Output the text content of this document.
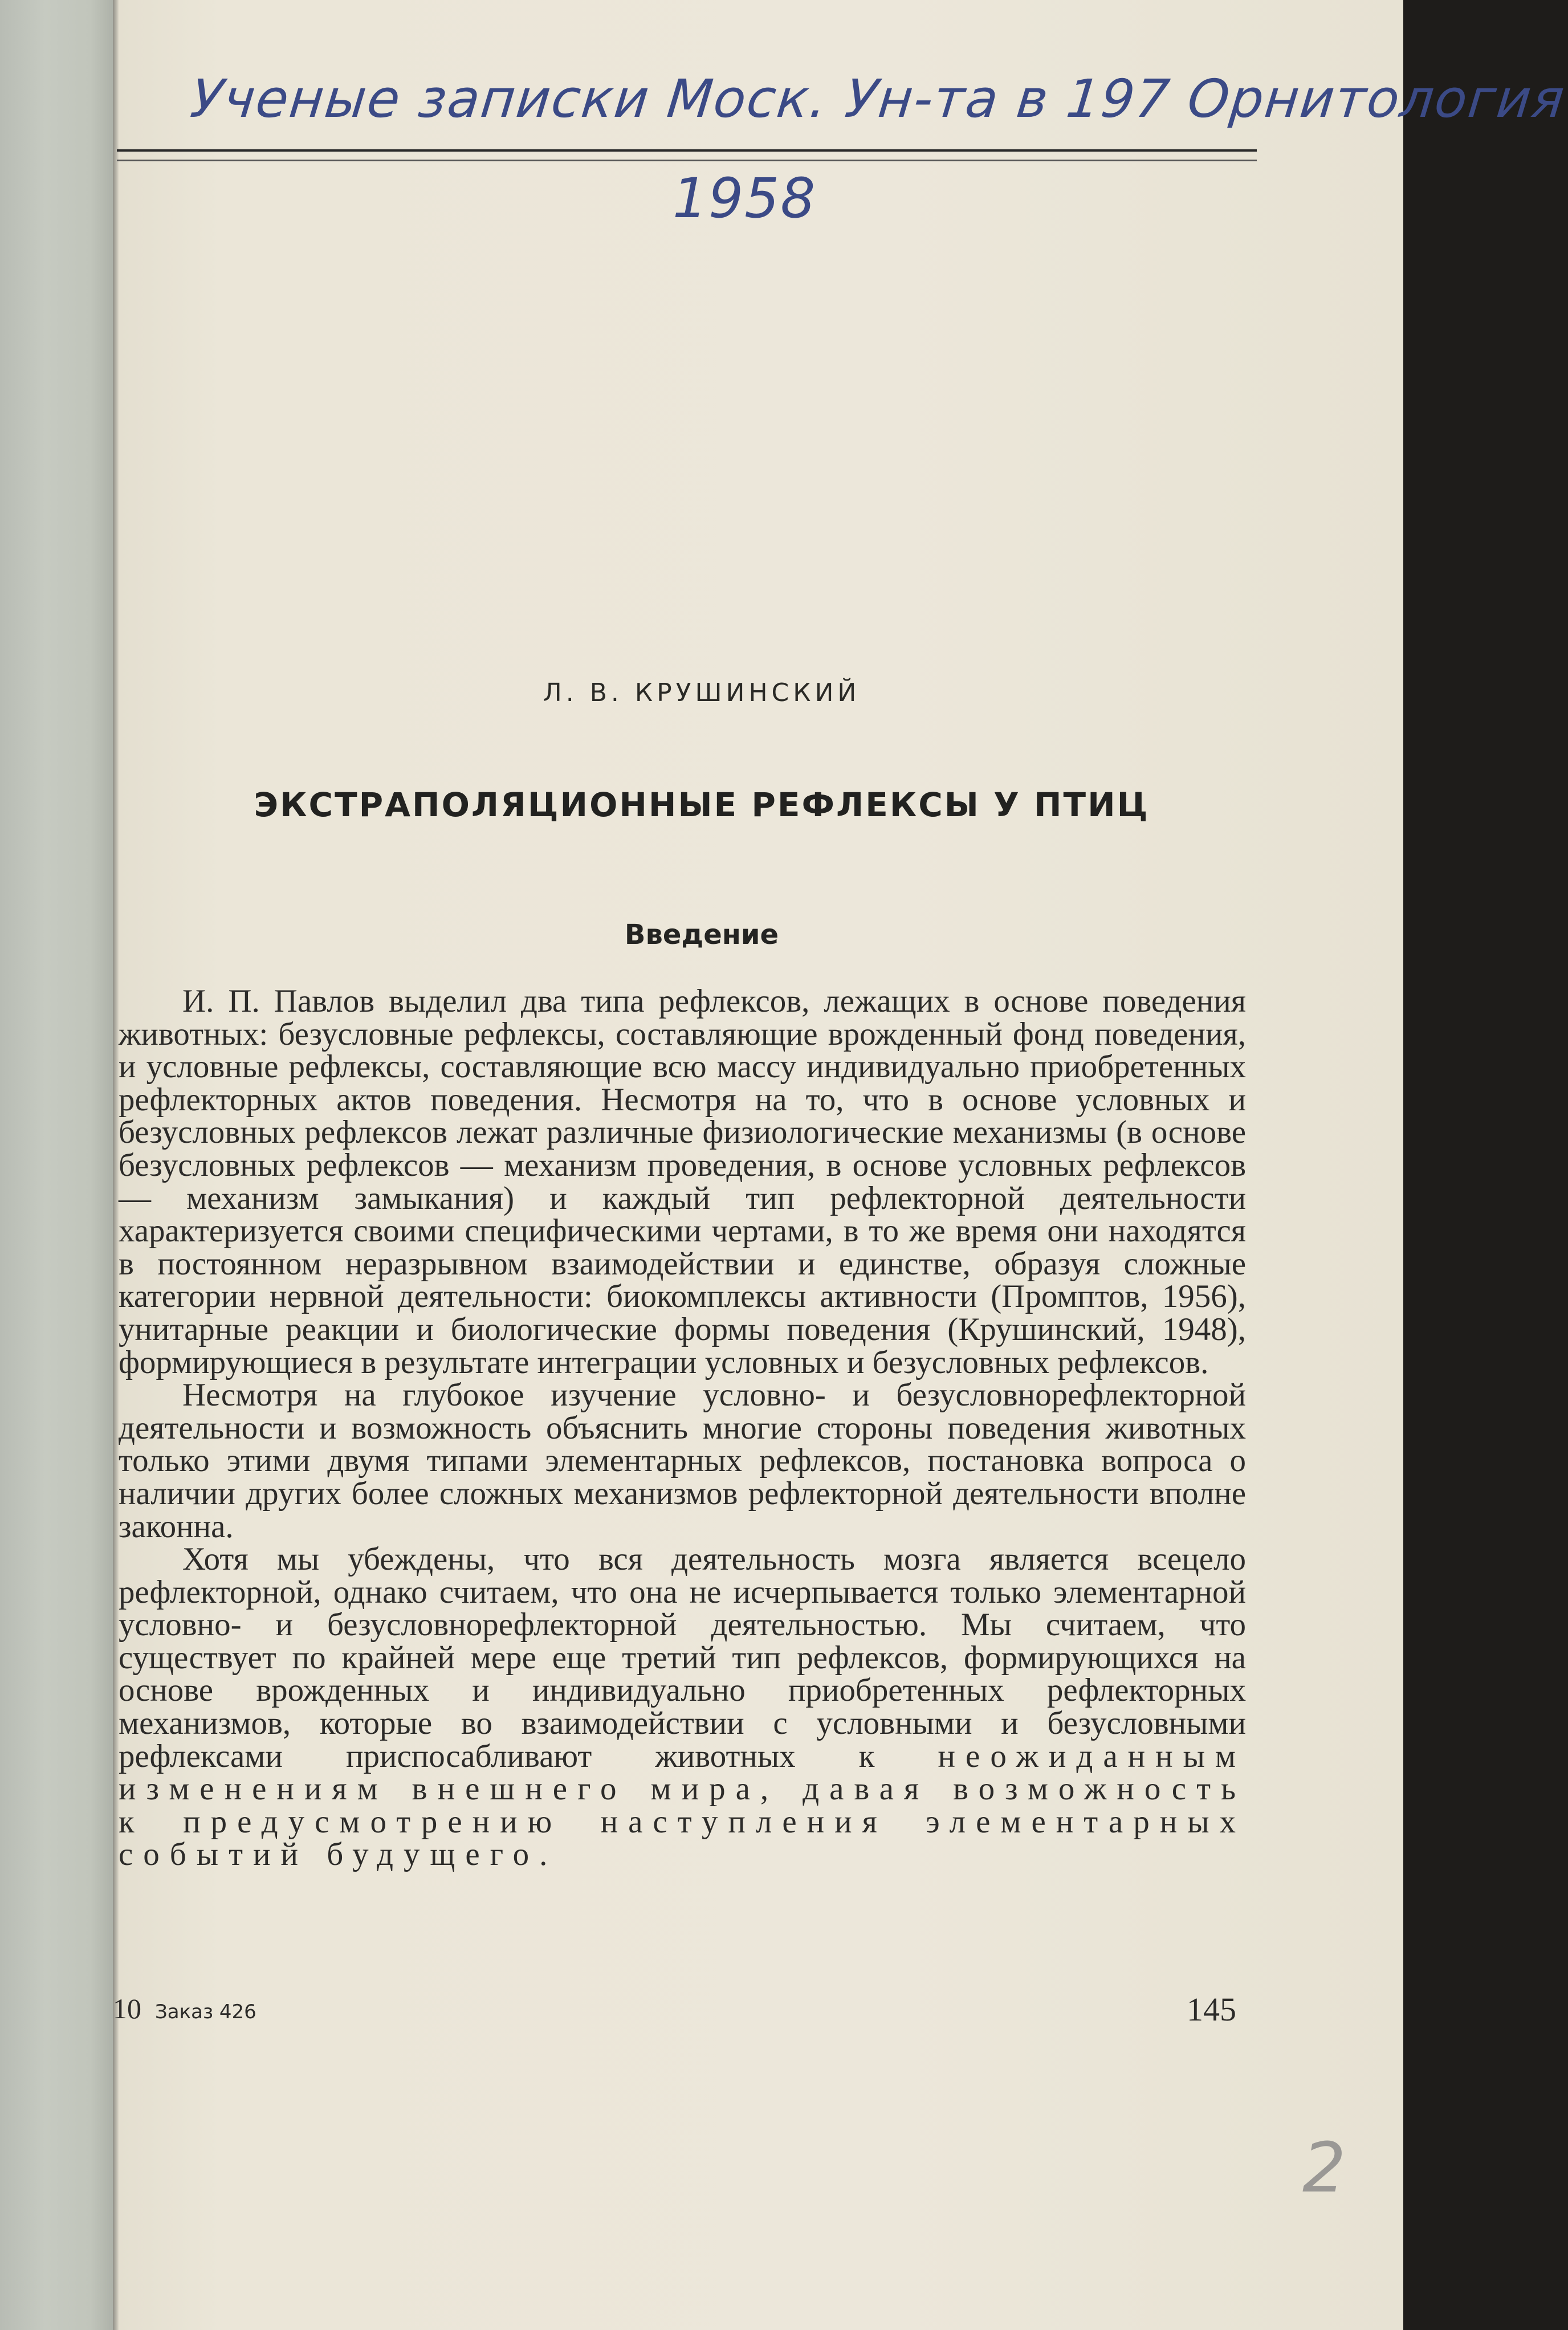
Ученые записки Моск. Ун-та в 197 Орнитология
1958
Л. В. КРУШИНСКИЙ
ЭКСТРАПОЛЯЦИОННЫЕ РЕФЛЕКСЫ У ПТИЦ
Введение

И. П. Павлов выделил два типа рефлексов, лежащих в основе поведения животных: безусловные рефлексы, составляющие врожденный фонд поведения, и условные рефлексы, составляющие всю массу индивидуально приобретенных рефлекторных актов поведения. Несмотря на то, что в основе условных и безусловных рефлексов лежат различные физиологические механизмы (в основе безусловных рефлексов — механизм проведения, в основе условных рефлексов — механизм замыкания) и каждый тип рефлекторной деятельности характеризуется своими специфическими чертами, в то же время они находятся в постоянном неразрывном взаимодействии и единстве, образуя сложные категории нервной деятельности: биокомплексы активности (Промптов, 1956), унитарные реакции и биологические формы поведения (Крушинский, 1948), формирующиеся в результате интеграции условных и безусловных рефлексов.

Несмотря на глубокое изучение условно- и безусловнорефлекторной деятельности и возможность объяснить многие стороны поведения животных только этими двумя типами элементарных рефлексов, постановка вопроса о наличии других более сложных механизмов рефлекторной деятельности вполне законна.

Хотя мы убеждены, что вся деятельность мозга является всецело рефлекторной, однако считаем, что она не исчерпывается только элементарной условно- и безусловнорефлекторной деятельностью. Мы считаем, что существует по крайней мере еще третий тип рефлексов, формирующихся на основе врожденных и индивидуально приобретенных рефлекторных механизмов, которые во взаимодействии с условными и безусловными рефлексами приспосабливают животных к неожиданным изменениям внешнего мира, давая возможность к предусмотрению наступления элементарных событий будущего.

10 Заказ 426	145
2
